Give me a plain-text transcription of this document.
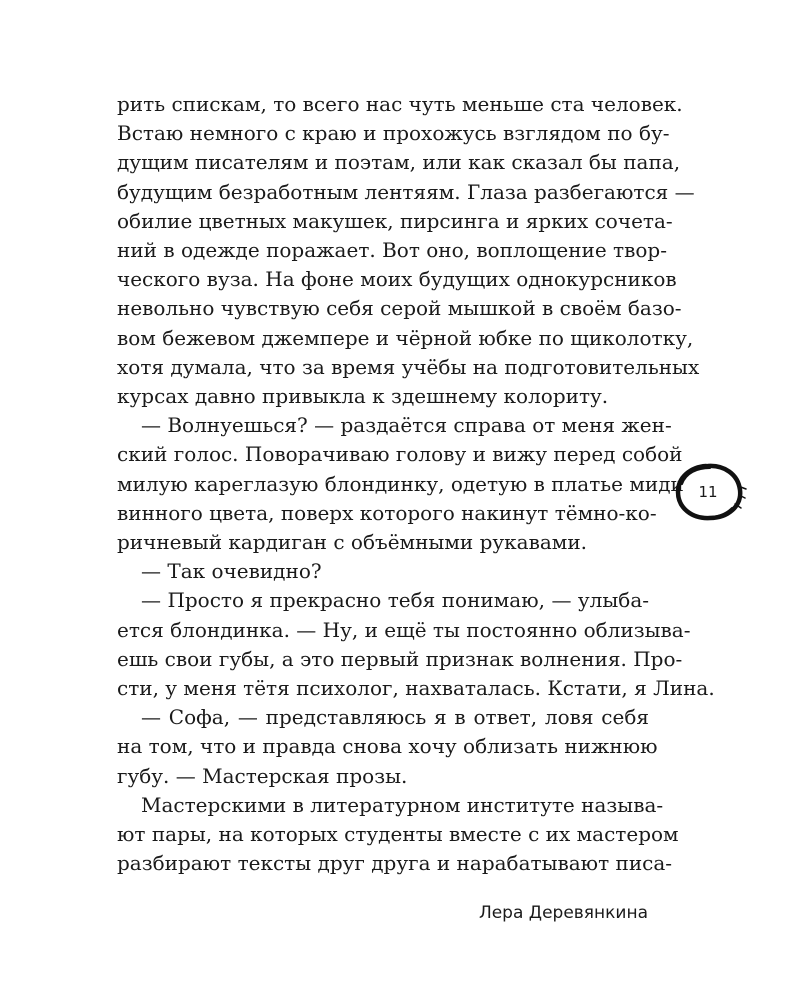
рить спискам, то всего нас чуть меньше ста человек.
Встаю немного с краю и прохожусь взглядом по бу-
дущим писателям и поэтам, или как сказал бы папа,
будущим безработным лентяям. Глаза разбегаются —
обилие цветных макушек, пирсинга и ярких сочета-
ний в одежде поражает. Вот оно, воплощение твор-
ческого вуза. На фоне моих будущих однокурсников
невольно чувствую себя серой мышкой в своём базо-
вом бежевом джемпере и чёрной юбке по щиколотку,
хотя думала, что за время учёбы на подготовительных
курсах давно привыкла к здешнему колориту.
— Волнуешься? — раздаётся справа от меня жен-
ский голос. Поворачиваю голову и вижу перед собой
милую кареглазую блондинку, одетую в платье миди
винного цвета, поверх которого накинут тёмно-ко-
ричневый кардиган с объёмными рукавами.
— Так очевидно?
— Просто я прекрасно тебя понимаю, — улыба-
ется блондинка. — Ну, и ещё ты постоянно облизыва-
ешь свои губы, а это первый признак волнения. Про-
сти, у меня тётя психолог, нахваталась. Кстати, я Лина.
— Софа, — представляюсь я в ответ, ловя себя
на том, что и правда снова хочу облизать нижнюю
губу. — Мастерская прозы.
Мастерскими в литературном институте называ-
ют пары, на которых студенты вместе с их мастером
разбирают тексты друг друга и нарабатывают писа-
11
Лера Деревянкина
